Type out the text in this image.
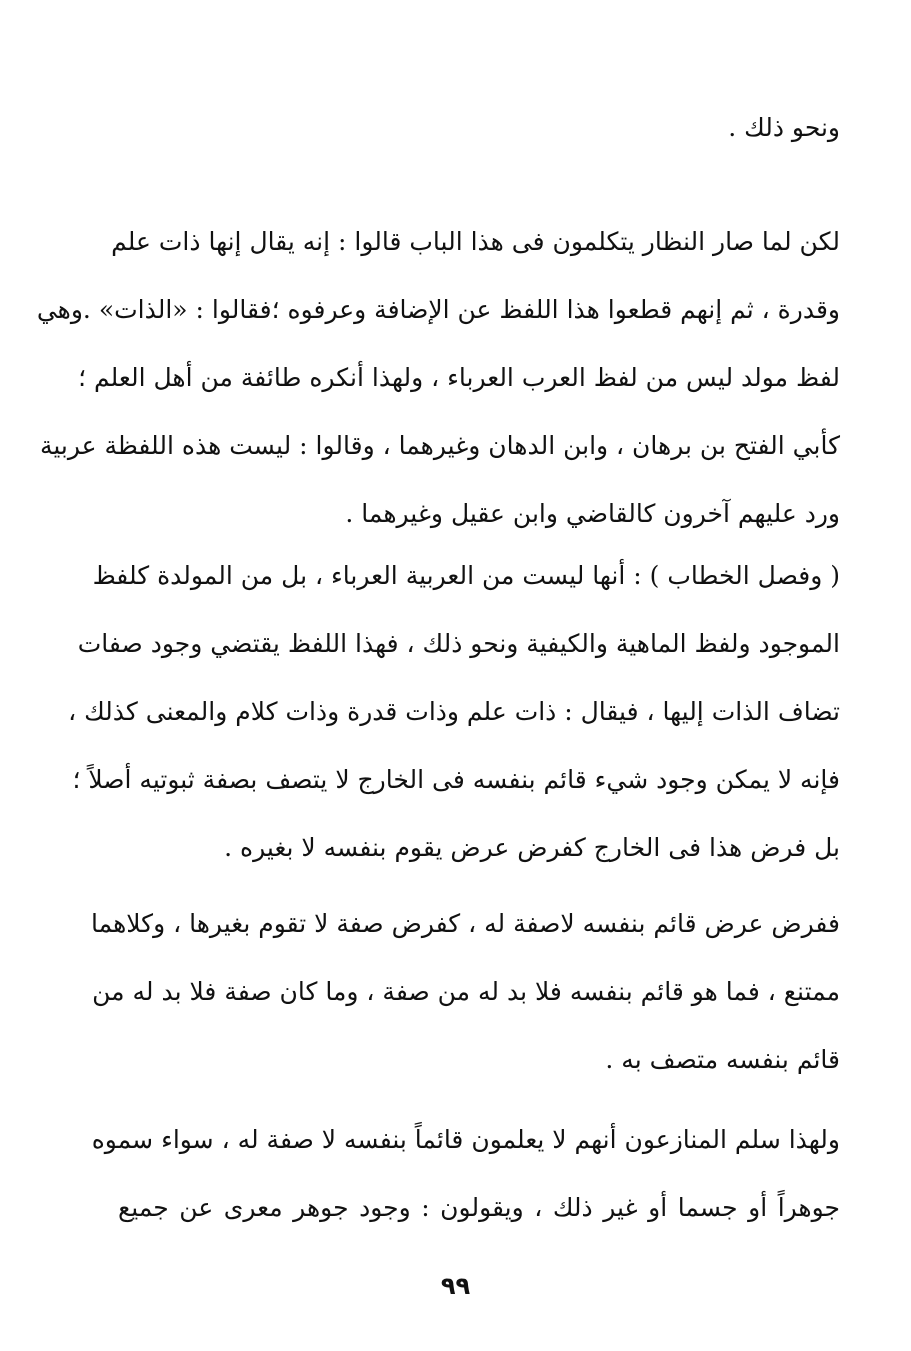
ونحو ذلك .

لكن لما صار النظار يتكلمون فى هذا الباب قالوا : إنه يقال إنها ذات علم
وقدرة ، ثم إنهم قطعوا هذا اللفظ عن الإضافة وعرفوه ؛فقالوا : «الذات» .وهي
لفظ مولد ليس من لفظ العرب العرباء ، ولهذا أنكره طائفة من أهل العلم ؛
كأبي الفتح بن برهان ، وابن الدهان وغيرهما ، وقالوا : ليست هذه اللفظة عربية
ورد عليهم آخرون كالقاضي وابن عقيل وغيرهما .

( وفصل الخطاب ) : أنها ليست من العربية العرباء ، بل من المولدة كلفظ
الموجود ولفظ الماهية والكيفية ونحو ذلك ، فهذا اللفظ يقتضي وجود صفات
تضاف الذات إليها ، فيقال : ذات علم وذات قدرة وذات كلام والمعنى كذلك ،
فإنه لا يمكن وجود شيء قائم بنفسه فى الخارج لا يتصف بصفة ثبوتيه أصلاً ؛
بل فرض هذا فى الخارج كفرض عرض يقوم بنفسه لا بغيره .

ففرض عرض قائم بنفسه لاصفة له ، كفرض صفة لا تقوم بغيرها ، وكلاهما
ممتنع ، فما هو قائم بنفسه فلا بد له من صفة ، وما كان صفة فلا بد له من
قائم بنفسه متصف به .

ولهذا سلم المنازعون أنهم لا يعلمون قائماً بنفسه لا صفة له ، سواء سموه
جوهراً أو جسما أو غير ذلك ، ويقولون : وجود جوهر معرى عن جميع

٩٩
